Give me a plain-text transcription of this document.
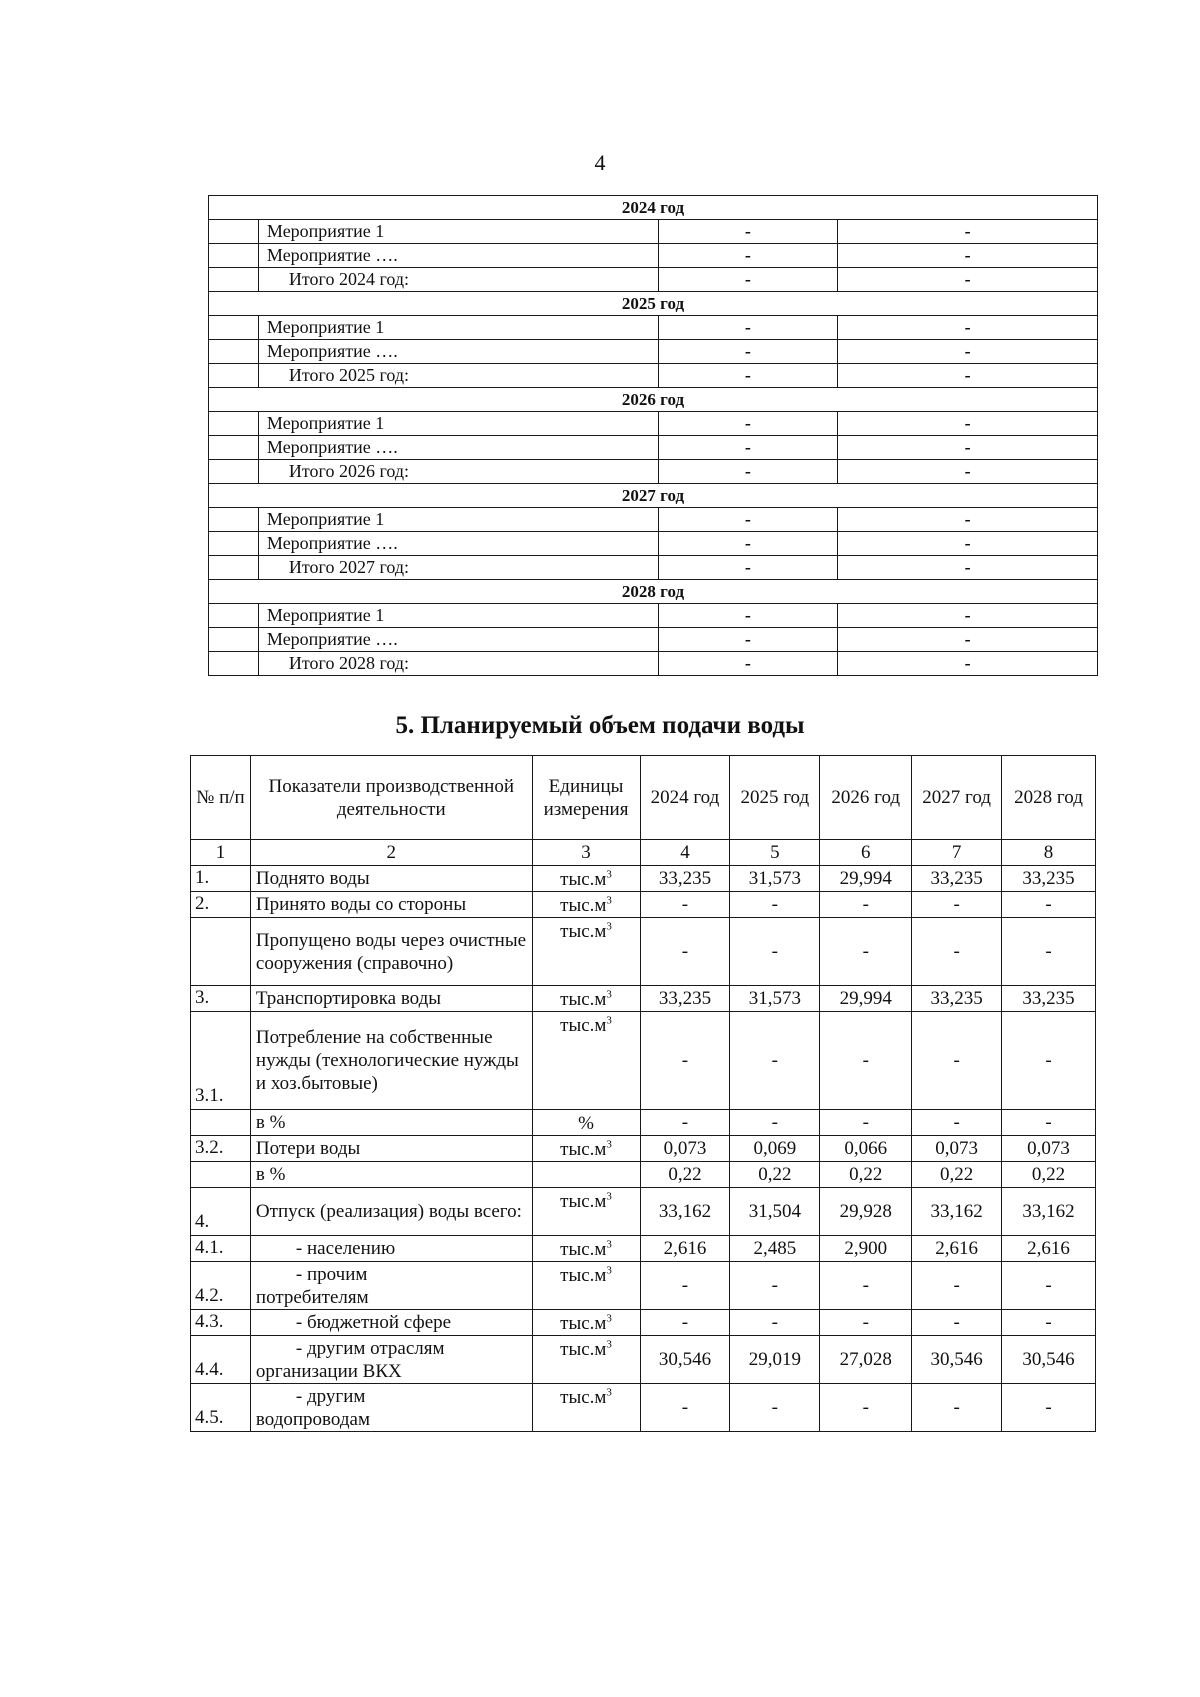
4
2024 год			
	Мероприятие 1	-	-
	Мероприятие ….	-	-
	Итого 2024 год:	-	-
2025 год			
	Мероприятие 1	-	-
	Мероприятие ….	-	-
	Итого 2025 год:	-	-
2026 год			
	Мероприятие 1	-	-
	Мероприятие ….	-	-
	Итого 2026 год:	-	-
2027 год			
	Мероприятие 1	-	-
	Мероприятие ….	-	-
	Итого 2027 год:	-	-
2028 год			
	Мероприятие 1	-	-
	Мероприятие ….	-	-
	Итого 2028 год:	-	-
5. Планируемый объем подачи воды
№ п/п	Показатели производственной деятельности	Единицы измерения	2024 год	2025 год	2026 год	2027 год	2028 год
1	2	3	4	5	6	7	8
1.	Поднято воды	$тыс.м^3$	33,235	31,573	29,994	33,235	33,235
2.	Принято воды со стороны	$тыс.м^3$	-	-	-	-	-
	Пропущено воды через очистные сооружения (справочно)	$тыс.м^3$	-	-	-	-	-
3.	Транспортировка воды	$тыс.м^3$	33,235	31,573	29,994	33,235	33,235
3.1.	Потребление на собственные нужды (технологические нужды и хоз.бытовые)	$тыс.м^3$	-	-	-	-	-
	в %	%	-	-	-	-	-
3.2.	Потери воды	$тыс.м^3$	0,073	0,069	0,066	0,073	0,073
	в %		0,22	0,22	0,22	0,22	0,22
4.	Отпуск (реализация) воды всего:	$тыс.м^3$	33,162	31,504	29,928	33,162	33,162
4.1.	- населению	$тыс.м^3$	2,616	2,485	2,900	2,616	2,616
4.2.	- прочим
потребителям	$тыс.м^3$	-	-	-	-	-
4.3.	- бюджетной сфере	$тыс.м^3$	-	-	-	-	-
4.4.	- другим отраслям
организации ВКХ	$тыс.м^3$	30,546	29,019	27,028	30,546	30,546
4.5.	- другим
водопроводам	$тыс.м^3$	-	-	-	-	-
